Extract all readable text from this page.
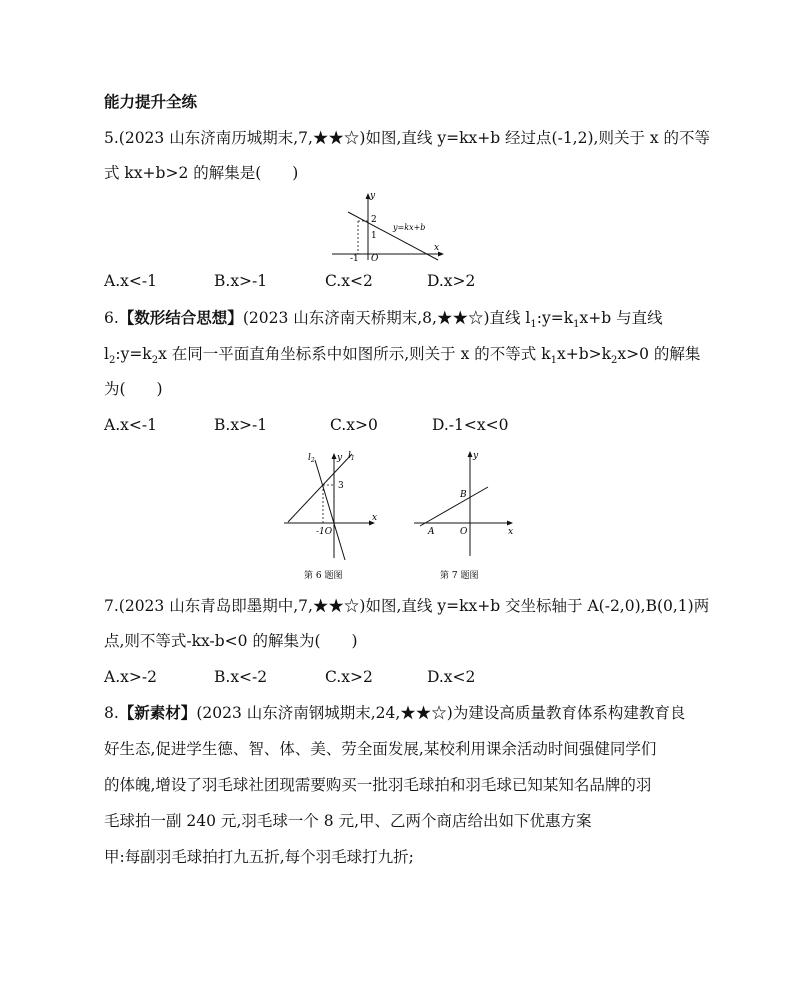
能力提升全练
5.(2023 山东济南历城期末,7,★★☆)如图,直线 y=kx+b 经过点(-1,2),则关于 x 的不等
式 kx+b>2 的解集是(　　)
y
x
O
2
1
-1
y=kx+b
A.x<-1	B.x>-1	C.x<2	D.x>2
6.【数形结合思想】(2023 山东济南天桥期末,8,★★☆)直线 $l_1:y=k_1x+b$ 与直线
$l_2:y=k_2x$ 在同一平面直角坐标系中如图所示,则关于 x 的不等式 $k_1x+b>k_2x>0$ 的解集
为(　　)
A.x<-1	B.x>-1	C.x>0	D.-1<x<0
y
x
-1O
3
$l_1$
$l_2$
第 6 题图
y
x
O
A
B
第 7 题图
7.(2023 山东青岛即墨期中,7,★★☆)如图,直线 y=kx+b 交坐标轴于 A(-2,0),B(0,1)两
点,则不等式-kx-b<0 的解集为(　　)
A.x>-2	B.x<-2	C.x>2	D.x<2
8.【新素材】(2023 山东济南钢城期末,24,★★☆)为建设高质量教育体系构建教育良
好生态,促进学生德、智、体、美、劳全面发展,某校利用课余活动时间强健同学们
的体魄,增设了羽毛球社团现需要购买一批羽毛球拍和羽毛球已知某知名品牌的羽
毛球拍一副 240 元,羽毛球一个 8 元,甲、乙两个商店给出如下优惠方案
甲:每副羽毛球拍打九五折,每个羽毛球打九折;
